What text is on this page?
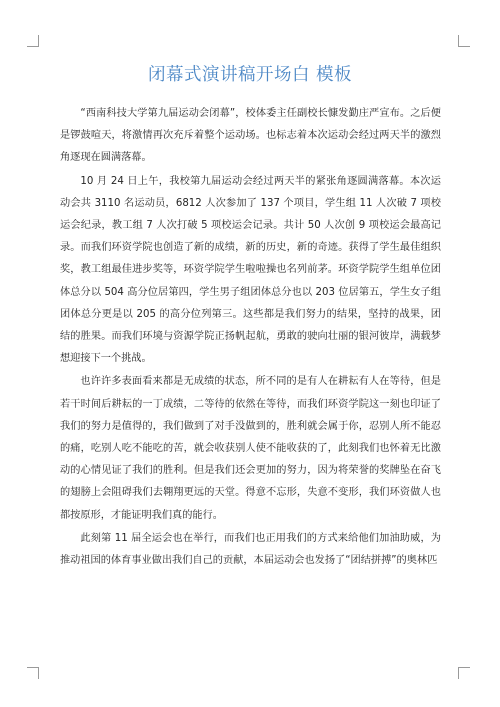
闭幕式演讲稿开场白 模板

“西南科技大学第九届运动会闭幕”，校体委主任副校长慷发勤庄严宣布。之后便是锣鼓喧天，将激情再次充斥着整个运动场。也标志着本次运动会经过两天半的激烈角逐现在圆满落幕。

10 月 24 日上午，我校第九届运动会经过两天半的紧张角逐圆满落幕。本次运动会共 3110 名运动员，6812 人次参加了 137 个项目，学生组 11 人次破 7 项校运会纪录，教工组 7 人次打破 5 项校运会记录。共计 50 人次创 9 项校运会最高记录。而我们环资学院也创造了新的成绩，新的历史，新的奇迹。获得了学生最佳组织奖，教工组最佳进步奖等，环资学院学生啦啦操也名列前茅。环资学院学生组单位团体总分以 504 高分位居第四，学生男子组团体总分也以 203 位居第五，学生女子组团体总分更是以 205 的高分位列第三。这些都是我们努力的结果，坚持的战果，团结的胜果。而我们环境与资源学院正扬帆起航，勇敢的驶向壮丽的银河彼岸，满载梦想迎接下一个挑战。

也许许多表面看来都是无成绩的状态，所不同的是有人在耕耘有人在等待，但是若干时间后耕耘的一丁成绩，二等待的依然在等待，而我们环资学院这一刻也印证了我们的努力是值得的，我们做到了对手没做到的，胜利就会属于你，忍别人所不能忍的痛，吃别人吃不能吃的苦，就会收获别人使不能收获的了，此刻我们也怀着无比激动的心情见证了我们的胜利。但是我们还会更加的努力，因为将荣誉的奖牌坠在奋飞的翅膀上会阻碍我们去翱翔更远的天堂。得意不忘形，失意不变形，我们环资做人也都按原形，才能证明我们真的能行。

此刻第 11 届全运会也在举行，而我们也正用我们的方式来给他们加油助威，为推动祖国的体育事业做出我们自己的贡献，本届运动会也发扬了“团结拼搏”的奥林匹
